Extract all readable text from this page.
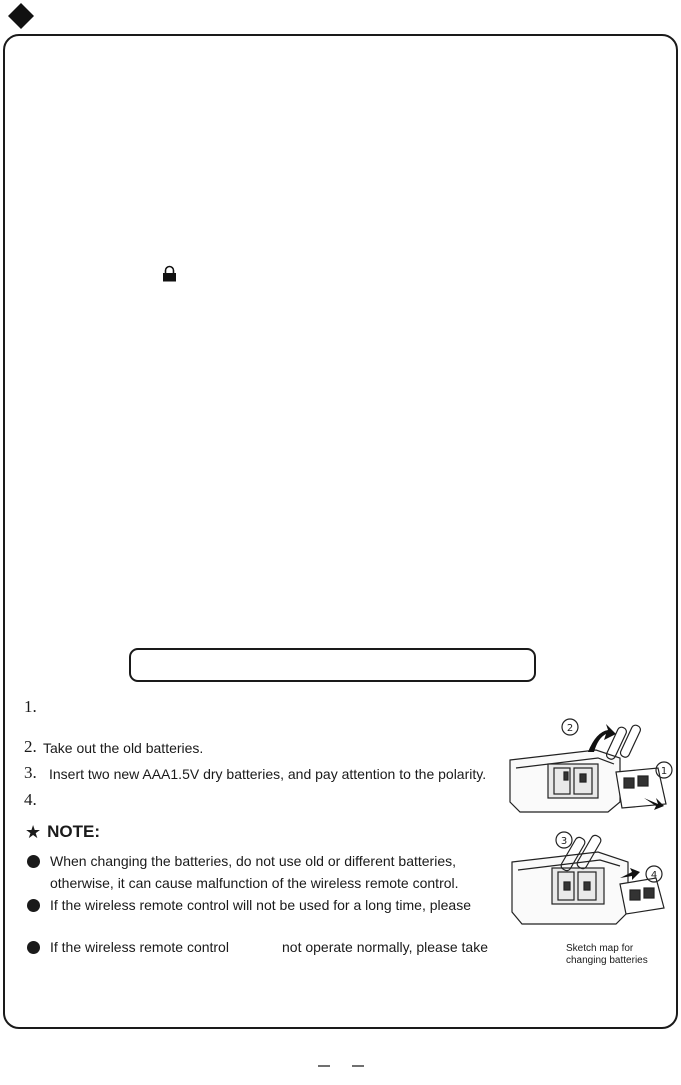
1.
2. Take out the old batteries.
3. Insert two new AAA1.5V dry batteries, and pay attention to the polarity.
4.
★ NOTE:
When changing the batteries, do not use old or different batteries,
otherwise, it can cause malfunction of the wireless remote control.
If the wireless remote control will not be used for a long time, please
If the wireless remote control	not operate normally, please take
2
1
3
4
Sketch map for
changing batteries
